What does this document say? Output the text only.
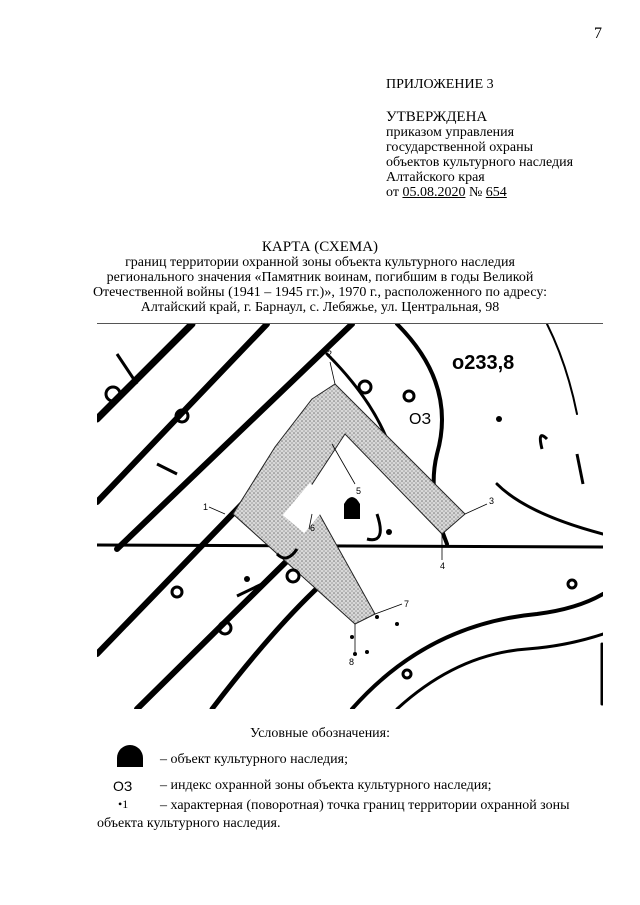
7
ПРИЛОЖЕНИЕ 3
УТВЕРЖДЕНА
приказом управления
государственной охраны
объектов культурного наследия
Алтайского края
от 05.08.2020 № 654
КАРТА (СХЕМА)
границ территории охранной зоны объекта культурного наследия
регионального значения «Памятник воинам, погибшим в годы Великой
Отечественной войны (1941 – 1945 гг.)», 1970 г., расположенного по адресу:
Алтайский край, г. Барнаул, с. Лебяжье, ул. Центральная, 98
ОЗ
о233,8
1
2
3
4
5
6
7
8
Условные обозначения:
– объект культурного наследия;
ОЗ – индекс охранной зоны объекта культурного наследия;
•1 – характерная (поворотная) точка границ территории охранной зоны
объекта культурного наследия.
